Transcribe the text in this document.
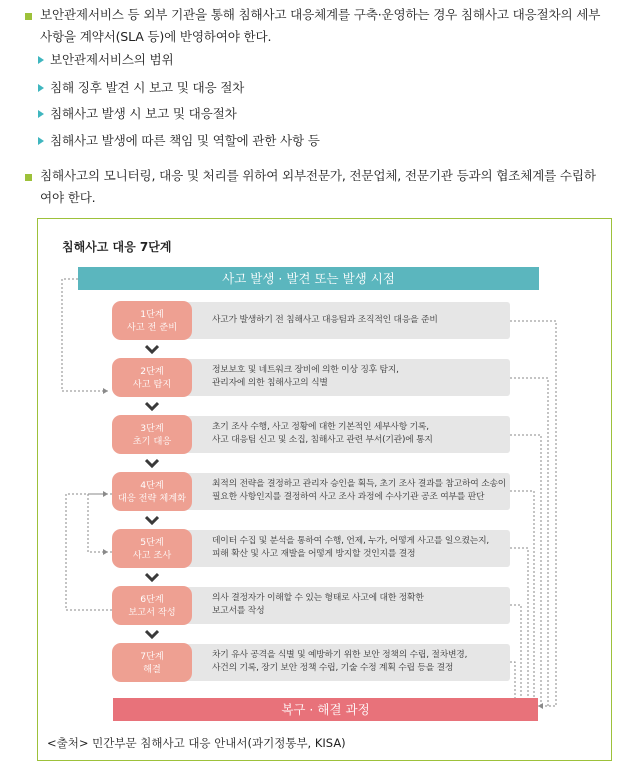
보안관제서비스 등 외부 기관을 통해 침해사고 대응체계를 구축·운영하는 경우 침해사고 대응절차의 세부사항을 계약서(SLA 등)에 반영하여야 한다.
보안관제서비스의 범위
침해 징후 발견 시 보고 및 대응 절차
침해사고 발생 시 보고 및 대응절차
침해사고 발생에 따른 책임 및 역할에 관한 사항 등
침해사고의 모니터링, 대응 및 처리를 위하여 외부전문가, 전문업체, 전문기관 등과의 협조체계를 수립하여야 한다.
침해사고 대응 7단계
사고 발생 · 발견 또는 발생 시점
1단계
사고 전 준비
사고가 발생하기 전 침해사고 대응팀과 조직적인 대응을 준비
2단계
사고 탐지
정보보호 및 네트워크 장비에 의한 이상 징후 탐지,
관리자에 의한 침해사고의 식별
3단계
초기 대응
초기 조사 수행, 사고 정황에 대한 기본적인 세부사항 기록,
사고 대응팀 신고 및 소집, 침해사고 관련 부서(기관)에 통지
4단계
대응 전략 체계화
최적의 전략을 결정하고 관리자 승인을 획득, 초기 조사 결과를 참고하여 소송이
필요한 사항인지를 결정하여 사고 조사 과정에 수사기관 공조 여부를 판단
5단계
사고 조사
데이터 수집 및 분석을 통하여 수행, 언제, 누가, 어떻게 사고를 일으켰는지,
피해 확산 및 사고 재발을 어떻게 방지할 것인지를 결정
6단계
보고서 작성
의사 결정자가 이해할 수 있는 형태로 사고에 대한 정확한
보고서를 작성
7단계
해결
차기 유사 공격을 식별 및 예방하기 위한 보안 정책의 수립, 절차변경,
사건의 기록, 장기 보안 정책 수립, 기술 수정 계획 수립 등을 결정
복구 · 해결 과정
<출처> 민간부문 침해사고 대응 안내서(과기정통부, KISA)
